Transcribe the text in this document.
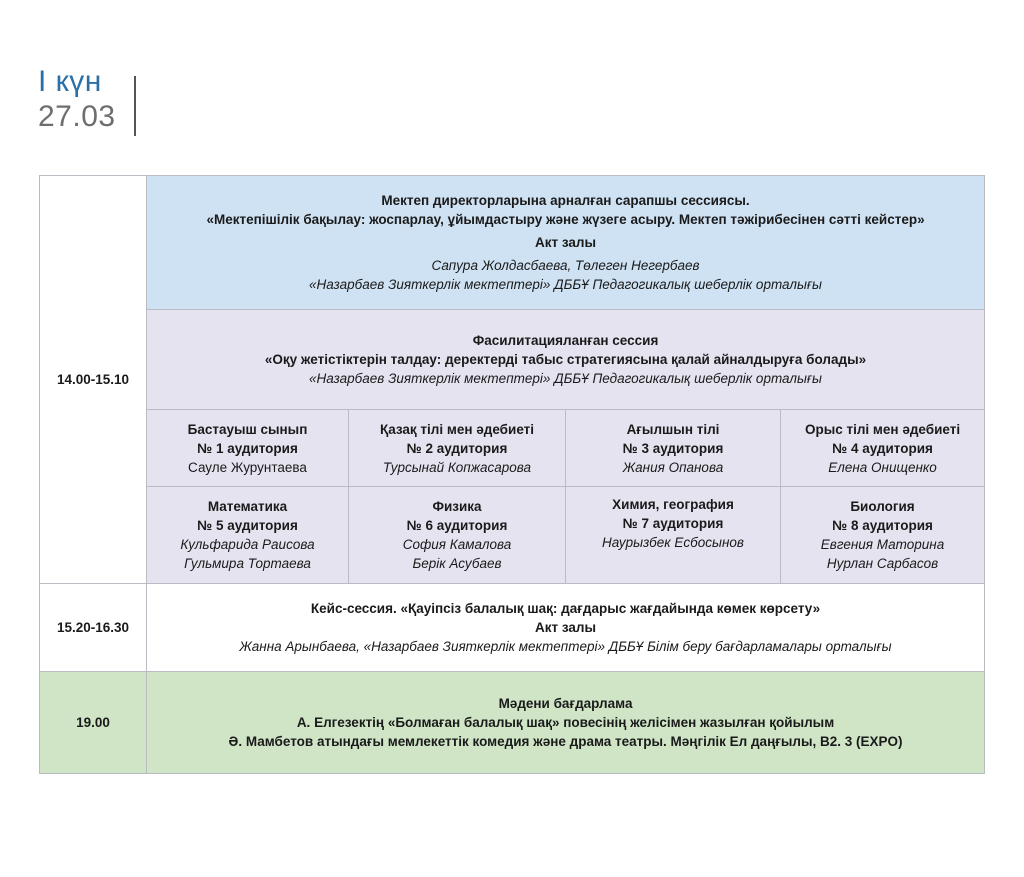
I күн
27.03
14.00-15.10	Мектеп директорларына арналған сарапшы сессиясы.
«Мектепішілік бақылау: жоспарлау, ұйымдастыру және жүзеге асыру. Мектеп тәжірибесінен сәтті кейстер»
Акт залы
Сапура Жолдасбаева, Төлеген Негербаев
«Назарбаев Зияткерлік мектептері» ДББҰ Педагогикалық шеберлік орталығы			

	Фасилитацияланған сессия
«Оқу жетістіктерін талдау: деректерді табыс стратегиясына қалай айналдыруға болады»
«Назарбаев Зияткерлік мектептері» ДББҰ Педагогикалық шеберлік орталығы			

	Бастауыш сынып
№ 1 аудитория
Сауле Журунтаева	Қазақ тілі мен әдебиеті
№ 2 аудитория
Турсынай Копжасарова	Ағылшын тілі
№ 3 аудитория
Жания Опанова	Орыс тілі мен әдебиеті
№ 4 аудитория
Елена Онищенко

	Математика
№ 5 аудитория
Кульфарида Раисова
Гульмира Тортаева	Физика
№ 6 аудитория
София Камалова
Берік Асубаев	Химия, география
№ 7 аудитория
Наурызбек Есбосынов	Биология
№ 8 аудитория
Евгения Маторина
Нурлан Сарбасов

15.20-16.30	Кейс-сессия. «Қауіпсіз балалық шақ: дағдарыс жағдайында көмек көрсету»
Акт залы
Жанна Арынбаева, «Назарбаев Зияткерлік мектептері» ДББҰ Білім беру бағдарламалары орталығы			

19.00	Мәдени бағдарлама
А. Елгезектің «Болмаған балалық шақ» повесінің желісімен жазылған қойылым
Ә. Мамбетов атындағы мемлекеттік комедия және драма театры. Мәңгілік Ел даңғылы, В2. 3 (EXPO)			
